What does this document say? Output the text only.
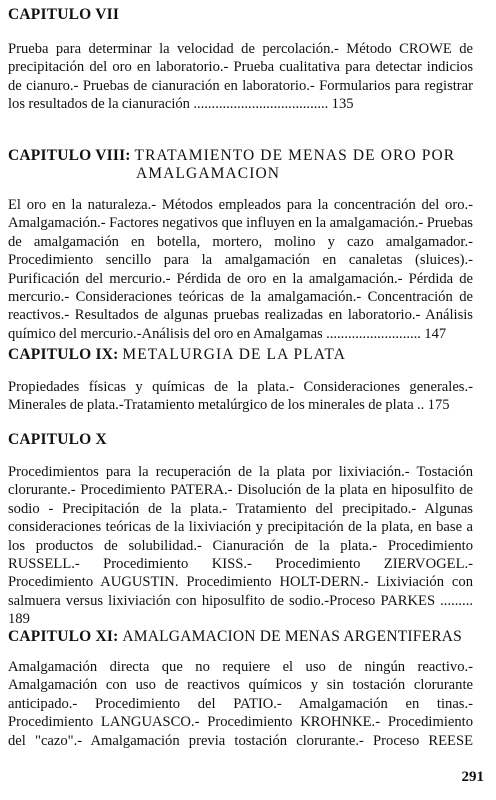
CAPITULO VII
Prueba para determinar la velocidad de percolación.- Método CROWE de precipitación del oro en laboratorio.- Prueba cualitativa para detectar indicios de cianuro.- Pruebas de cianuración en laboratorio.- Formularios para registrar los resultados de la cianuración ..................................... 135
CAPITULO VIII: TRATAMIENTO DE MENAS DE ORO POR
AMALGAMACION
El oro en la naturaleza.- Métodos empleados para la concentración del oro.- Amalgamación.- Factores negativos que influyen en la amalgamación.- Pruebas de amalgamación en botella, mortero, molino y cazo amalgamador.- Procedimiento sencillo para la amalgamación en canaletas (sluices).- Purificación del mercurio.- Pérdida de oro en la amalgamación.- Pérdida de mercurio.- Consideraciones teóricas de la amalgamación.- Concentración de reactivos.- Resultados de algunas pruebas realizadas en laboratorio.- Análisis químico del mercurio.-Análisis del oro en Amalgamas .......................... 147
CAPITULO IX: METALURGIA DE LA PLATA
Propiedades físicas y químicas de la plata.- Consideraciones generales.- Minerales de plata.-Tratamiento metalúrgico de los minerales de plata .. 175
CAPITULO X
Procedimientos para la recuperación de la plata por lixiviación.- Tostación clorurante.- Procedimiento PATERA.- Disolución de la plata en hiposulfito de sodio - Precipitación de la plata.- Tratamiento del precipitado.- Algunas consideraciones teóricas de la lixiviación y precipitación de la plata, en base a los productos de solubilidad.- Cianuración de la plata.- Procedimiento RUSSELL.- Procedimiento KISS.- Procedimiento ZIERVOGEL.- Procedimiento AUGUSTIN. Procedimiento HOLT-DERN.- Lixiviación con salmuera versus lixiviación con hiposulfito de sodio.-Proceso PARKES ......... 189
CAPITULO XI: AMALGAMACION DE MENAS ARGENTIFERAS
Amalgamación directa que no requiere el uso de ningún reactivo.- Amalgamación con uso de reactivos químicos y sin tostación clorurante anticipado.- Procedimiento del PATIO.- Amalgamación en tinas.- Procedimiento LANGUASCO.- Procedimiento KROHNKE.- Procedimiento del "cazo".- Amalgamación previa tostación clorurante.- Proceso REESE
291
